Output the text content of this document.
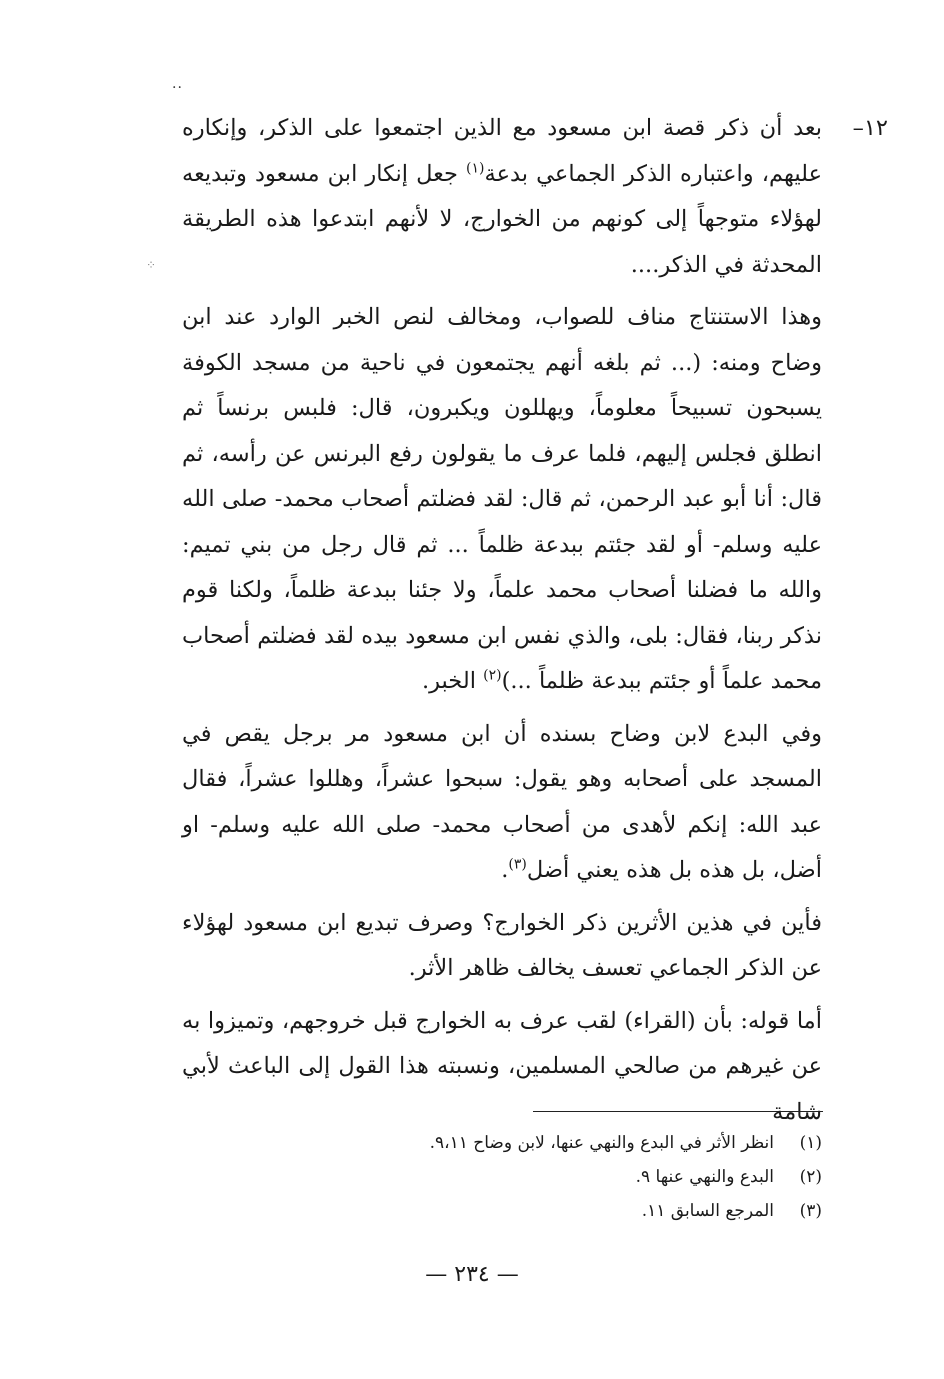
..
⁘

١٢–
بعد أن ذكر قصة ابن مسعود مع الذين اجتمعوا على الذكر، وإنكاره عليهم، واعتباره الذكر الجماعي بدعة$^{(١)}$ جعل إنكار ابن مسعود وتبديعه لهؤلاء متوجهاً إلى كونهم من الخوارج، لا لأنهم ابتدعوا هذه الطريقة المحدثة في الذكر....

وهذا الاستنتاج مناف للصواب، ومخالف لنص الخبر الوارد عند ابن وضاح ومنه: (... ثم بلغه أنهم يجتمعون في ناحية من مسجد الكوفة يسبحون تسبيحاً معلوماً، ويهللون ويكبرون، قال: فلبس برنساً ثم انطلق فجلس إليهم، فلما عرف ما يقولون رفع البرنس عن رأسه، ثم قال: أنا أبو عبد الرحمن، ثم قال: لقد فضلتم أصحاب محمد- صلى الله عليه وسلم- أو لقد جئتم ببدعة ظلماً ... ثم قال رجل من بني تميم: والله ما فضلنا أصحاب محمد علماً، ولا جئنا ببدعة ظلماً، ولكنا قوم نذكر ربنا، فقال: بلى، والذي نفس ابن مسعود بيده لقد فضلتم أصحاب محمد علماً أو جئتم ببدعة ظلماً ...)$^{(٢)}$ الخبر.

وفي البدع لابن وضاح بسنده أن ابن مسعود مر برجل يقص في المسجد على أصحابه وهو يقول: سبحوا عشراً، وهللوا عشراً، فقال عبد الله: إنكم لأهدى من أصحاب محمد- صلى الله عليه وسلم- او أضل، بل هذه بل هذه يعني أضل$^{(٣)}$.

فأين في هذين الأثرين ذكر الخوارج؟ وصرف تبديع ابن مسعود لهؤلاء عن الذكر الجماعي تعسف يخالف ظاهر الأثر.

أما قوله: بأن (القراء) لقب عرف به الخوارج قبل خروجهم، وتميزوا به عن غيرهم من صالحي المسلمين، ونسبته هذا القول إلى الباعث لأبي شامة

(١)
انظر الأثر في البدع والنهي عنها، لابن وضاح ٩،١١.
(٢)
البدع والنهي عنها ٩.
(٣)
المرجع السابق ١١.
— ٢٣٤ —
